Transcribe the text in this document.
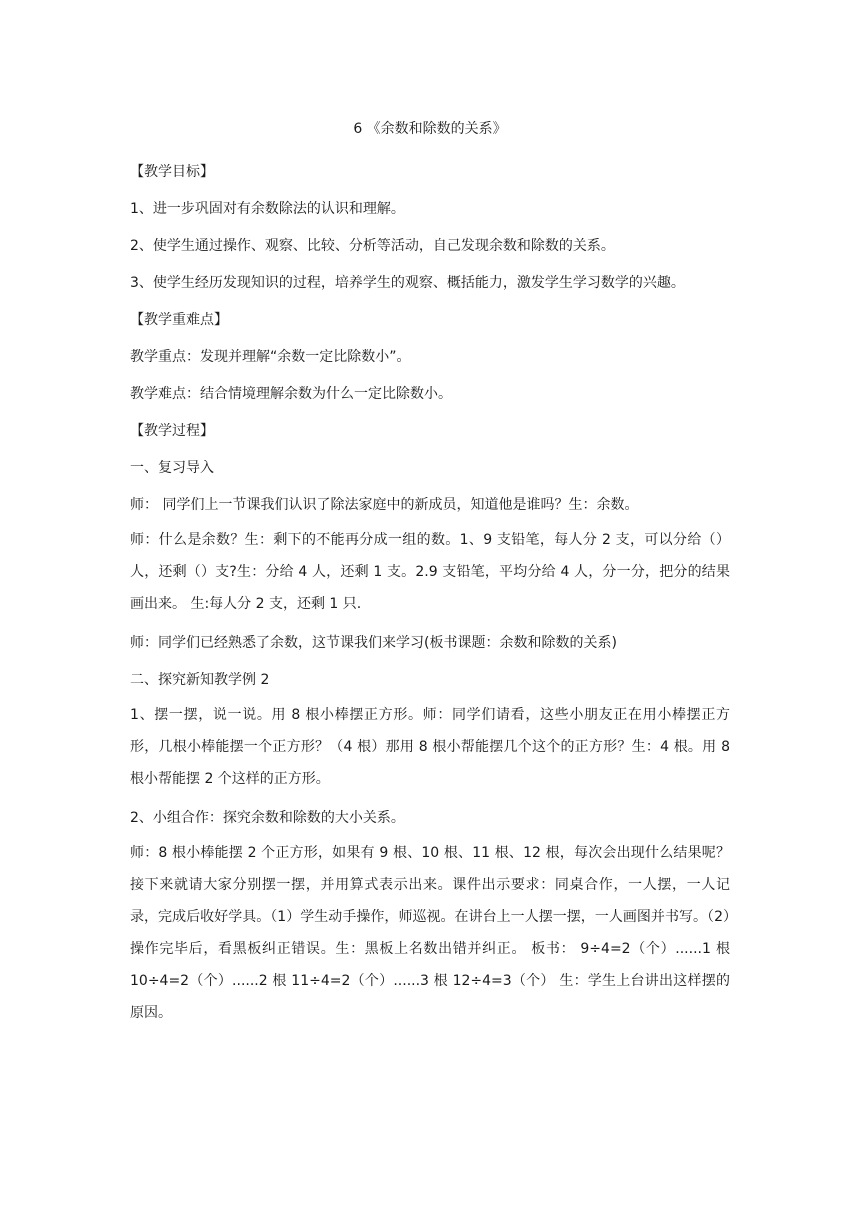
6 《余数和除数的关系》

【教学目标】

1、进一步巩固对有余数除法的认识和理解。

2、使学生通过操作、观察、比较、分析等活动，自己发现余数和除数的关系。

3、使学生经历发现知识的过程，培养学生的观察、概括能力，激发学生学习数学的兴趣。

【教学重难点】

教学重点：发现并理解“余数一定比除数小”。

教学难点：结合情境理解余数为什么一定比除数小。

【教学过程】

一、复习导入

师： 同学们上一节课我们认识了除法家庭中的新成员，知道他是谁吗？生：余数。

师：什么是余数？生：剩下的不能再分成一组的数。1、9 支铅笔，每人分 2 支，可以分给（）人，还剩（）支?生：分给 4 人，还剩 1 支。2.9 支铅笔，平均分给 4 人，分一分，把分的结果画出来。 生:每人分 2 支，还剩 1 只.

师：同学们已经熟悉了余数，这节课我们来学习(板书课题：余数和除数的关系)

二、探究新知教学例 2

1、摆一摆，说一说。用 8 根小棒摆正方形。师：同学们请看，这些小朋友正在用小棒摆正方形，几根小棒能摆一个正方形？（4 根）那用 8 根小帮能摆几个这个的正方形？生：4 根。用 8 根小帮能摆 2 个这样的正方形。

2、小组合作：探究余数和除数的大小关系。

师：8 根小棒能摆 2 个正方形，如果有 9 根、10 根、11 根、12 根，每次会出现什么结果呢？接下来就请大家分别摆一摆，并用算式表示出来。课件出示要求：同桌合作，一人摆，一人记录，完成后收好学具。（1）学生动手操作，师巡视。在讲台上一人摆一摆，一人画图并书写。（2）操作完毕后，看黑板纠正错误。生：黑板上名数出错并纠正。 板书： 9÷4=2（个）......1 根 10÷4=2（个）......2 根 11÷4=2（个）......3 根 12÷4=3（个） 生：学生上台讲出这样摆的原因。
